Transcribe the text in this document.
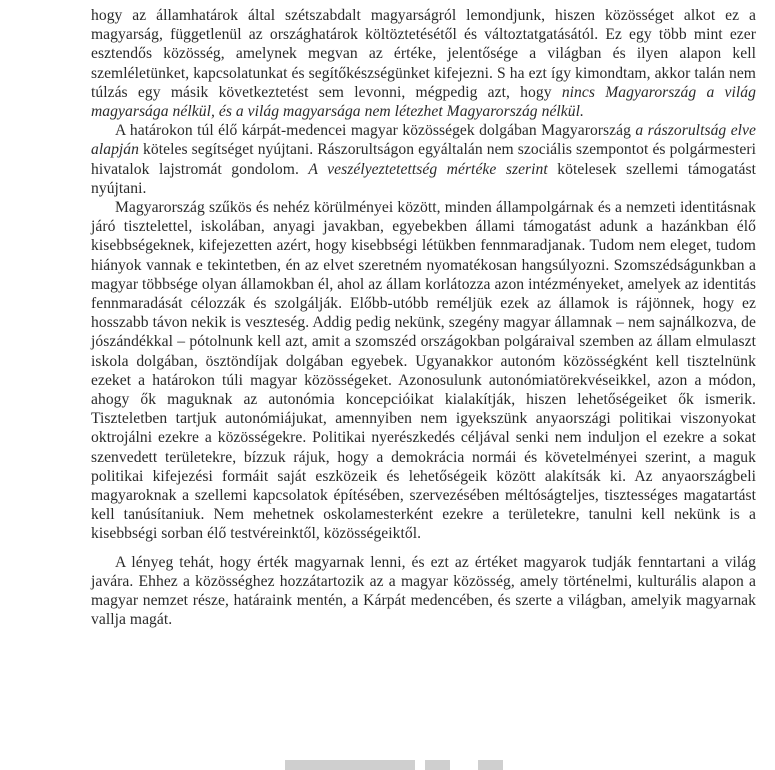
hogy az államhatárok által szétszabdalt magyarságról lemondjunk, hiszen közösséget alkot ez a magyarság, függetlenül az országhatárok költöztetésétől és változtatgatásától. Ez egy több mint ezer esztendős közösség, amelynek megvan az értéke, jelentősége a világban és ilyen alapon kell szemléletünket, kapcsolatunkat és segítőkészségünket kifejezni. S ha ezt így kimondtam, akkor talán nem túlzás egy másik következtetést sem levonni, mégpedig azt, hogy nincs Magyarország a világ magyarsága nélkül, és a világ magyarsága nem létezhet Magyarország nélkül.

A határokon túl élő kárpát-medencei magyar közösségek dolgában Magyarország a rászorultság elve alapján köteles segítséget nyújtani. Rászorultságon egyáltalán nem szociális szempontot és polgármesteri hivatalok lajstromát gondolom. A veszélyeztetettség mértéke szerint kötelesek szellemi támogatást nyújtani.

Magyarország szűkös és nehéz körülményei között, minden állampolgárnak és a nemzeti identitásnak járó tisztelettel, iskolában, anyagi javakban, egyebekben állami támogatást adunk a hazánkban élő kisebbségeknek, kifejezetten azért, hogy kisebbségi létükben fennmaradjanak. Tudom nem eleget, tudom hiányok vannak e tekintetben, én az elvet szeretném nyomatékosan hangsúlyozni. Szomszédságunkban a magyar többsége olyan államokban él, ahol az állam korlátozza azon intézményeket, amelyek az identitás fennmaradását célozzák és szolgálják. Előbb-utóbb reméljük ezek az államok is rájönnek, hogy ez hosszabb távon nekik is veszteség. Addig pedig nekünk, szegény magyar államnak – nem sajnálkozva, de jószándékkal – pótolnunk kell azt, amit a szomszéd országokban polgáraival szemben az állam elmulaszt iskola dolgában, ösztöndíjak dolgában egyebek. Ugyanakkor autonóm közösségként kell tisztelnünk ezeket a határokon túli magyar közösségeket. Azonosulunk autonómiatörekvéseikkel, azon a módon, ahogy ők maguknak az autonómia koncepcióikat kialakítják, hiszen lehetőségeiket ők ismerik. Tiszteletben tartjuk autonómiájukat, amennyiben nem igyekszünk anyaországi politikai viszonyokat oktrojálni ezekre a közösségekre. Politikai nyerészkedés céljával senki nem induljon el ezekre a sokat szenvedett területekre, bízzuk rájuk, hogy a demokrácia normái és követelményei szerint, a maguk politikai kifejezési formáit saját eszközeik és lehetőségeik között alakítsák ki. Az anyaországbeli magyaroknak a szellemi kapcsolatok építésében, szervezésében méltóságteljes, tisztességes magatartást kell tanúsítaniuk. Nem mehetnek oskolamesterként ezekre a területekre, tanulni kell nekünk is a kisebbségi sorban élő testvéreinktől, közösségeiktől.

A lényeg tehát, hogy érték magyarnak lenni, és ezt az értéket magyarok tudják fenntartani a világ javára. Ehhez a közösséghez hozzátartozik az a magyar közösség, amely történelmi, kulturális alapon a magyar nemzet része, határaink mentén, a Kárpát medencében, és szerte a világban, amelyik magyarnak vallja magát.
